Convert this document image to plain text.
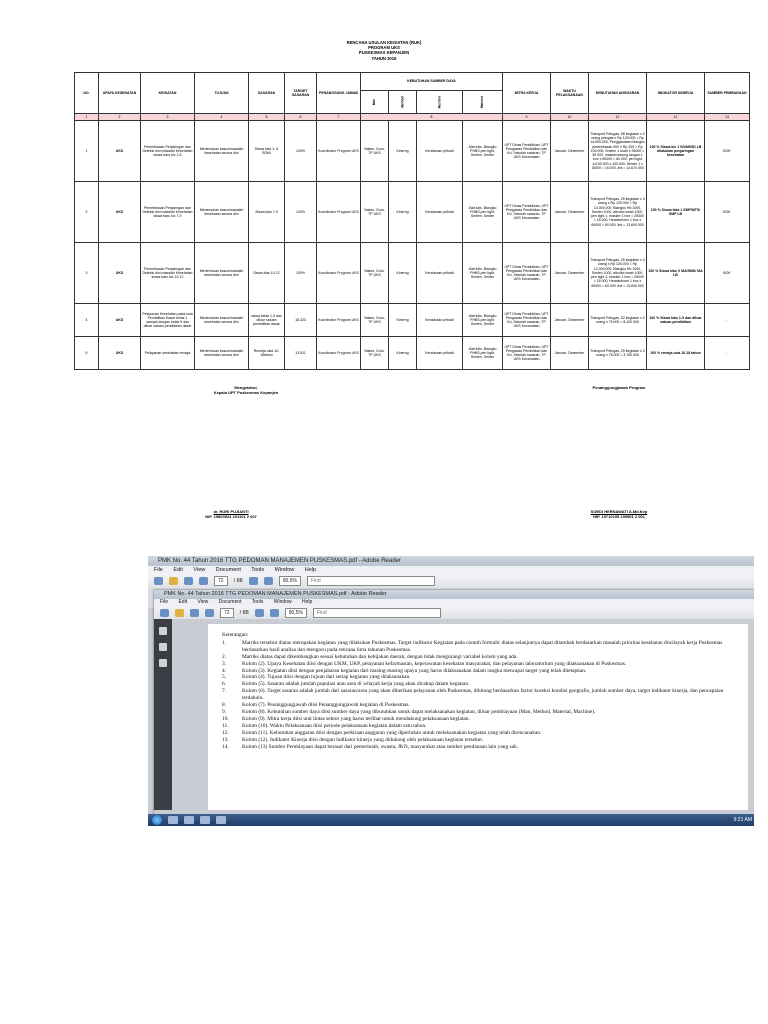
RENCANA USULAN KEGIATAN (RUK)
PROGRAM UKS
PUSKESMAS KEPANJEN
TAHUN 2016
NO.	UPAYA KESEHATAN	KEGIATAN	TUJUAN	SASARAN	TARGET SASARAN	PENANGGUNG JAWAB	KEBUTUHAN SUMBER DAYA				MITRA KERJA	WAKTU PELAKSANAAN	KEBUTUHAN ANGGARAN	INDIKATOR KINERJA	SUMBER PEMBIAYAAN
							Man	Method	Machine	Material					
1	2	3	4	5	6	7	8				9	10	11	12	13
1	UKS	Pemeriksaan Penjaringan dan Deteksi dini masalah Kesehatan siswa baru klc 1-6	Menemukan kasus/masalah kesehatan secara dini	Siswa klas 1- 6 SDMI	100%	Koordinator Program UKS	Nakes, Guru, TP UKS	Kinerng	Kendaraan pribadi	Alat tulis, Blangko PHBS,pen light, Snelen, Senter	UPT Dinas Pendidikan, UPT Pengawas Pendidikan dan Kd, Sekolah sasaran, TP UKS Kecamatan	Januari- Desember	Transport Petugas, 58 kegiatan x 2 orang petugas x Rp 125.000 = Rp 14.500.000, Penggandaan blangko pemeriksaan 500 x Rp 200 = Rp 100.000, Snelen 1 buah x 35000 = 35.000, masker/sarung tangan 1 box x 60000 = 60.000, pen light 1x100.000 x 100.000, Senter 1 x 15000 = 15.000 Jml = 14.670.000	100 % Siswa klc 1 SD/MI/SD LB dilakukan penjaringan kesehatan	BOK
2	UKS	Pemeriksaan Penjaringan dan Deteksi dini masalah Kesehatan siswa baru klc 7-9	Menemukan kasus/masalah kesehatan secara dini	Siswa klas 7-9	100%	Koordinator Program UKS	Nakes, Guru, TP UKS	Kinerng	Kendaraan pribadi	Alat tulis, Blangko PHBS,pen light, Snelen, Senter	UPT Dinas Pendidikan, UPT Pengawas Pendidikan dan Kd, Sekolah sasaran, TP UKS Kecamatan	Januari- Desember	Transport Petugas, 26 kegiatan x 4 orang x Rp 125.000 = Rp 13.000.000, Blangko Hb 1000, Snelen 1000, alkohol swab 1000, pen light 1, masker 1 box = 25000 = 15.000, Headschoen 1 box x 60000 = 60.000 Jml = 13.690.000	100 % Siswa klas 1 SMP/MTS/ SMP LB	BOK
3	UKS	Pemeriksaan Penjaringan dan Deteksi dini masalah Kesehatan siswa baru klc 10-12	Menemukan kasus/masalah kesehatan secara dini	Siswa klas 10-12	100%	Koordinator Program UKS	Nakes, Guru, TP UKS	Kinerng	Kendaraan pribadi	Alat tulis, Blangko PHBS,pen light, Snelen, Senter	UPT Dinas Pendidikan, UPT Pengawas Pendidikan dan Kd, Sekolah sasaran, TP UKS Kecamatan	Januari- Desember	Transport Petugas, 26 kegiatan x 4 orang x Rp 125.000 = Rp 12.000.000, Blangko Hb 1000, Snelen 1000, alkohol swab 1000, pen light 1, masker 1 box = 25000 = 15.000, Headschoen 1 box x 60000 = 60.000 Jml = 13.690.000	100 % Siswa klas X MA/SMK/ MA LB	BOK
4	UKS	Pelayanan Kesehatan pada usia Pendidikan Dasar kelas 1 sampai dengan kelas 9 dan diluar satuan pendidikan dasar	Menemukan kasus/masalah kesehatan secara dini	siswa kelas 1-9 dan diluar satuan pendidikan dasar	18.323	Koordinator Program UKS	Nakes, Guru, TP UKS	Kinerng	Kendaraan pribadi	Alat tulis, Blangko PHBS,pen light, Snelen, Senter	UPT Dinas Pendidikan, UPT Pengawas Pendidikan dan Kd, Sekolah sasaran, TP UKS Kecamatan	Januari- Desember	Transport Petugas, 52 kegiatan x 2 orang x 75.000 = 8.100.000	100 % Siswa klas 1-9 dan diluar satuan pendidikan	-
5	UKS	Pelayanan kesehatan remaja	Menemukan kasus/masalah kesehatan secara dini	Remaja usia 10-18tahun	13.521	Koordinator Program UKS	Nakes, Guru, TP UKS	Kinerng	Kendaraan pribadi	Alat tulis, Blangko PHBS,pen light, Snelen, Senter	UPT Dinas Pendidikan, UPT Pengawas Pendidikan dan Kd, Sekolah sasaran, TP UKS Kecamatan	Januari- Desember	Transport Petugas, 25 kegiatan x 2 orang x 75.000 = 3.750.000	100 % remaja usia 10-18 tahun	-
Mengetahui,
Kepala UPT Puskesmas Kepanjen
Penanggungjawab Program
dr. RURI PUJIANTI
NIP. 19800523 201101 2 007
SOEDI HERNAWATI A.Md.Kep
NIP. 19710105 199901 2 001
PMK No. 44 Tahun 2016 TTG PEDOMAN MANAJEMEN PUSKESMAS.pdf - Adobe Reader
File Edit View Document Tools Window Help
72	/ 88	90,5%	Find
PMK No. 44 Tahun 2016 TTG PEDOMAN MANAJEMEN PUSKESMAS.pdf - Adobe Reader
File Edit View Document Tools Window Help
72	/ 88	90,5%	Find
Keterangan:
1.	Matriks tersebut diatas merupakan kegiatan yang dilakukan Puskesmas. Target indikator Kegiatan pada contoh formulir diatas selanjutnya dapat ditambah berdasarkan masalah prioritas kesehatan diwilayah kerja Puskesmas berdasarkan hasil analisa dan mengacu pada rencana lima tahunan Puskesmas.
2.	Matriks diatas dapat dikembangkan sesuai kebutuhan dan kebijakan daerah, dengan tidak mengurangi variabel kolom yang ada.
3.	Kolom (2). Upaya Kesehatan diisi dengan UKM, UKP, pelayanan kefarmasian, keperawatan kesehatan masyarakat, dan pelayanan laboratorium yang dilaksanakan di Puskesmas.
4.	Kolom (3). Kegiatan diisi dengan penjabaran kegiatan dari masing-masing upaya yang harus dilaksanakan dalam rangka mencapai target yang telah ditetapkan.
5.	Kolom (4). Tujuan diisi dengan tujuan dari setiap kegiatan yang dilaksanakan.
6.	Kolom (5). Sasaran adalah jumlah populasi atau area di wilayah kerja yang akan dicakup dalam kegiatan.
7.	Kolom (6). Target sasaran adalah jumlah dari sasaran/area yang akan diberikan pelayanan oleh Puskesmas, dihitung berdasarkan factor koreksi kondisi geografis, jumlah sumber daya, target indikator kinerja, dan pencapaian terdahulu.
8.	Kolom (7). Penanggungjawab diisi Penanggungjawab kegiatan di Puskesmas.
9.	Kolom (8). Kebutuhan sumber daya diisi sumber daya yang dibutuhkan untuk dapat melaksanakan kegiatan, diluar pembiayaan (Man, Method, Material, Machine).
10.	Kolom (9). Mitra kerja diisi unit lintas sektor yang harus terlibat untuk mendukung pelaksanaan kegiatan.
11.	Kolom (10). Waktu Pelaksanaan diisi periode pelaksanaan kegiatan dalam satu tahun.
12.	Kolom (11). Kebutuhan anggaran diisi dengan perkiraan anggaran yang diperlukan untuk melaksanakan kegiatan yang telah direncanakan.
13.	Kolom (12). Indikator Kinerja diisi dengan indikator kinerja yang didukung oleh pelaksanaan kegiatan tersebut.
14.	Kolom (13) Sumber Pembiayaan dapat berasal dari pemerintah, swasta, JKN, masyarakat atau sumber pendanaan lain yang sah.
9:21 AM
